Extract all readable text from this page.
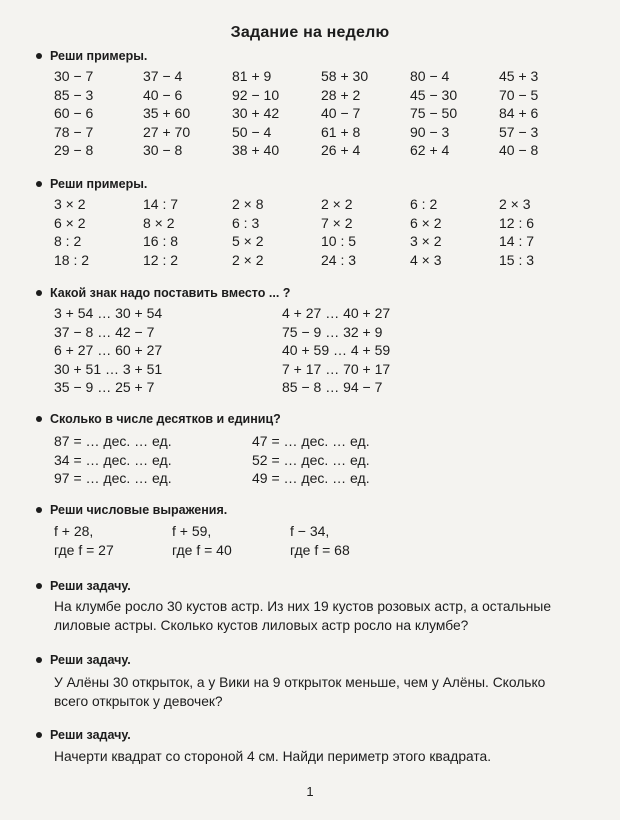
Задание на неделю
Реши примеры.
30 − 7	37 − 4	81 + 9	58 + 30	80 − 4	45 + 3
85 − 3	40 − 6	92 − 10	28 + 2	45 − 30	70 − 5
60 − 6	35 + 60	30 + 42	40 − 7	75 − 50	84 + 6
78 − 7	27 + 70	50 − 4	61 + 8	90 − 3	57 − 3
29 − 8	30 − 8	38 + 40	26 + 4	62 + 4	40 − 8
Реши примеры.
3 × 2	14 : 7	2 × 8	2 × 2	6 : 2	2 × 3
6 × 2	8 × 2	6 : 3	7 × 2	6 × 2	12 : 6
8 : 2	16 : 8	5 × 2	10 : 5	3 × 2	14 : 7
18 : 2	12 : 2	2 × 2	24 : 3	4 × 3	15 : 3
Какой знак надо поставить вместо ... ?
3 + 54 … 30 + 54	4 + 27 … 40 + 27
37 − 8 … 42 − 7	75 − 9 … 32 + 9
6 + 27 … 60 + 27	40 + 59 … 4 + 59
30 + 51 … 3 + 51	7 + 17 … 70 + 17
35 − 9 … 25 + 7	85 − 8 … 94 − 7
Сколько в числе десятков и единиц?
87 = … дес. … ед.	47 = … дес. … ед.
34 = … дес. … ед.	52 = … дес. … ед.
97 = … дес. … ед.	49 = … дес. … ед.
Реши числовые выражения.
f + 28,	f + 59,	f − 34,
где f = 27	где f = 40	где f = 68
Реши задачу.
На клумбе росло 30 кустов астр. Из них 19 кустов розовых астр, а остальные лиловые астры. Сколько кустов лиловых астр росло на клумбе?
Реши задачу.
У Алёны 30 открыток, а у Вики на 9 открыток меньше, чем у Алёны. Сколько всего открыток у девочек?
Реши задачу.
Начерти квадрат со стороной 4 см. Найди периметр этого квадрата.
1
